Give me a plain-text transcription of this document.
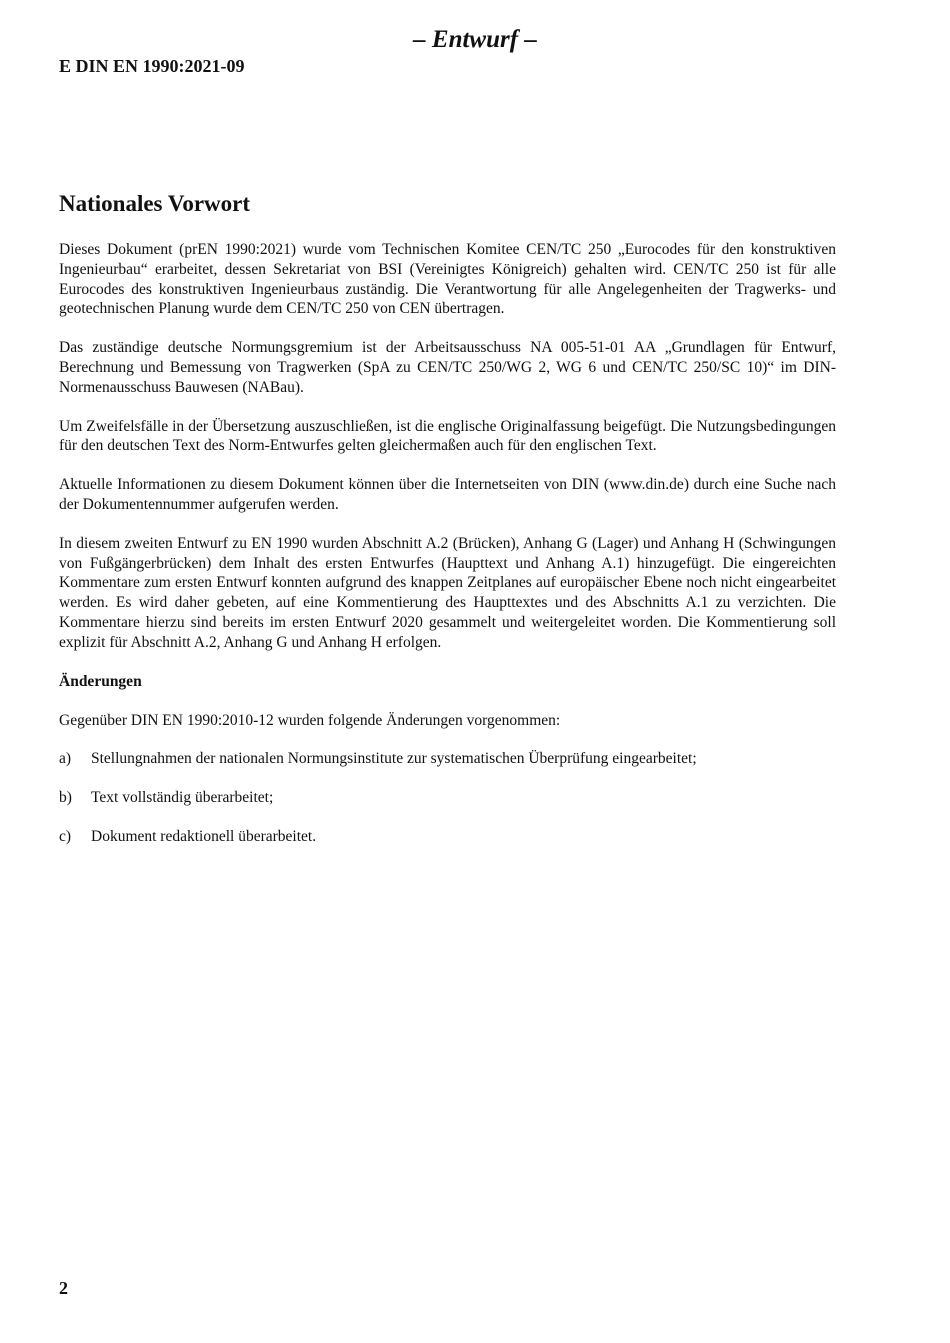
– Entwurf –

E DIN EN 1990:2021-09

Nationales Vorwort

Dieses Dokument (prEN 1990:2021) wurde vom Technischen Komitee CEN/TC 250 „Eurocodes für den konstruktiven Ingenieurbau“ erarbeitet, dessen Sekretariat von BSI (Vereinigtes Königreich) gehalten wird. CEN/TC 250 ist für alle Eurocodes des konstruktiven Ingenieurbaus zuständig. Die Verantwortung für alle Angelegenheiten der Tragwerks- und geotechnischen Planung wurde dem CEN/TC 250 von CEN übertragen.

Das zuständige deutsche Normungsgremium ist der Arbeitsausschuss NA 005-51-01 AA „Grundlagen für Entwurf, Berechnung und Bemessung von Tragwerken (SpA zu CEN/TC 250/WG 2, WG 6 und CEN/TC 250/SC 10)“ im DIN-Normenausschuss Bauwesen (NABau).

Um Zweifelsfälle in der Übersetzung auszuschließen, ist die englische Originalfassung beigefügt. Die Nutzungsbedingungen für den deutschen Text des Norm-Entwurfes gelten gleichermaßen auch für den englischen Text.

Aktuelle Informationen zu diesem Dokument können über die Internetseiten von DIN (www.din.de) durch eine Suche nach der Dokumentennummer aufgerufen werden.

In diesem zweiten Entwurf zu EN 1990 wurden Abschnitt A.2 (Brücken), Anhang G (Lager) und Anhang H (Schwingungen von Fußgängerbrücken) dem Inhalt des ersten Entwurfes (Haupttext und Anhang A.1) hinzugefügt. Die eingereichten Kommentare zum ersten Entwurf konnten aufgrund des knappen Zeitplanes auf europäischer Ebene noch nicht eingearbeitet werden. Es wird daher gebeten, auf eine Kommentierung des Haupttextes und des Abschnitts A.1 zu verzichten. Die Kommentare hierzu sind bereits im ersten Entwurf 2020 gesammelt und weitergeleitet worden. Die Kommentierung soll explizit für Abschnitt A.2, Anhang G und Anhang H erfolgen.

Änderungen

Gegenüber DIN EN 1990:2010-12 wurden folgende Änderungen vorgenommen:

a)	Stellungnahmen der nationalen Normungsinstitute zur systematischen Überprüfung eingearbeitet;
b)	Text vollständig überarbeitet;
c)	Dokument redaktionell überarbeitet.

2
